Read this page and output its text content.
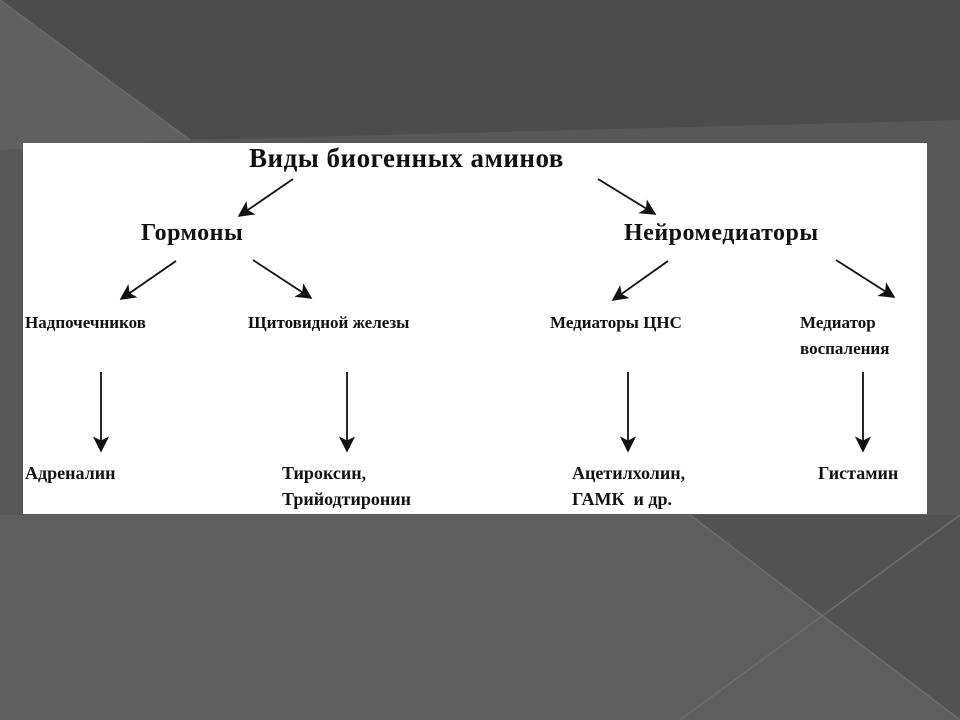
Виды биогенных аминов
Гормоны	Нейромедиаторы
Надпочечников	Щитовидной железы	Медиаторы ЦНС	Медиатор
воспаления
Адреналин	Тироксин,
Трийодтиронин
Ацетилхолин,
ГАМК  и др.
Гистамин
